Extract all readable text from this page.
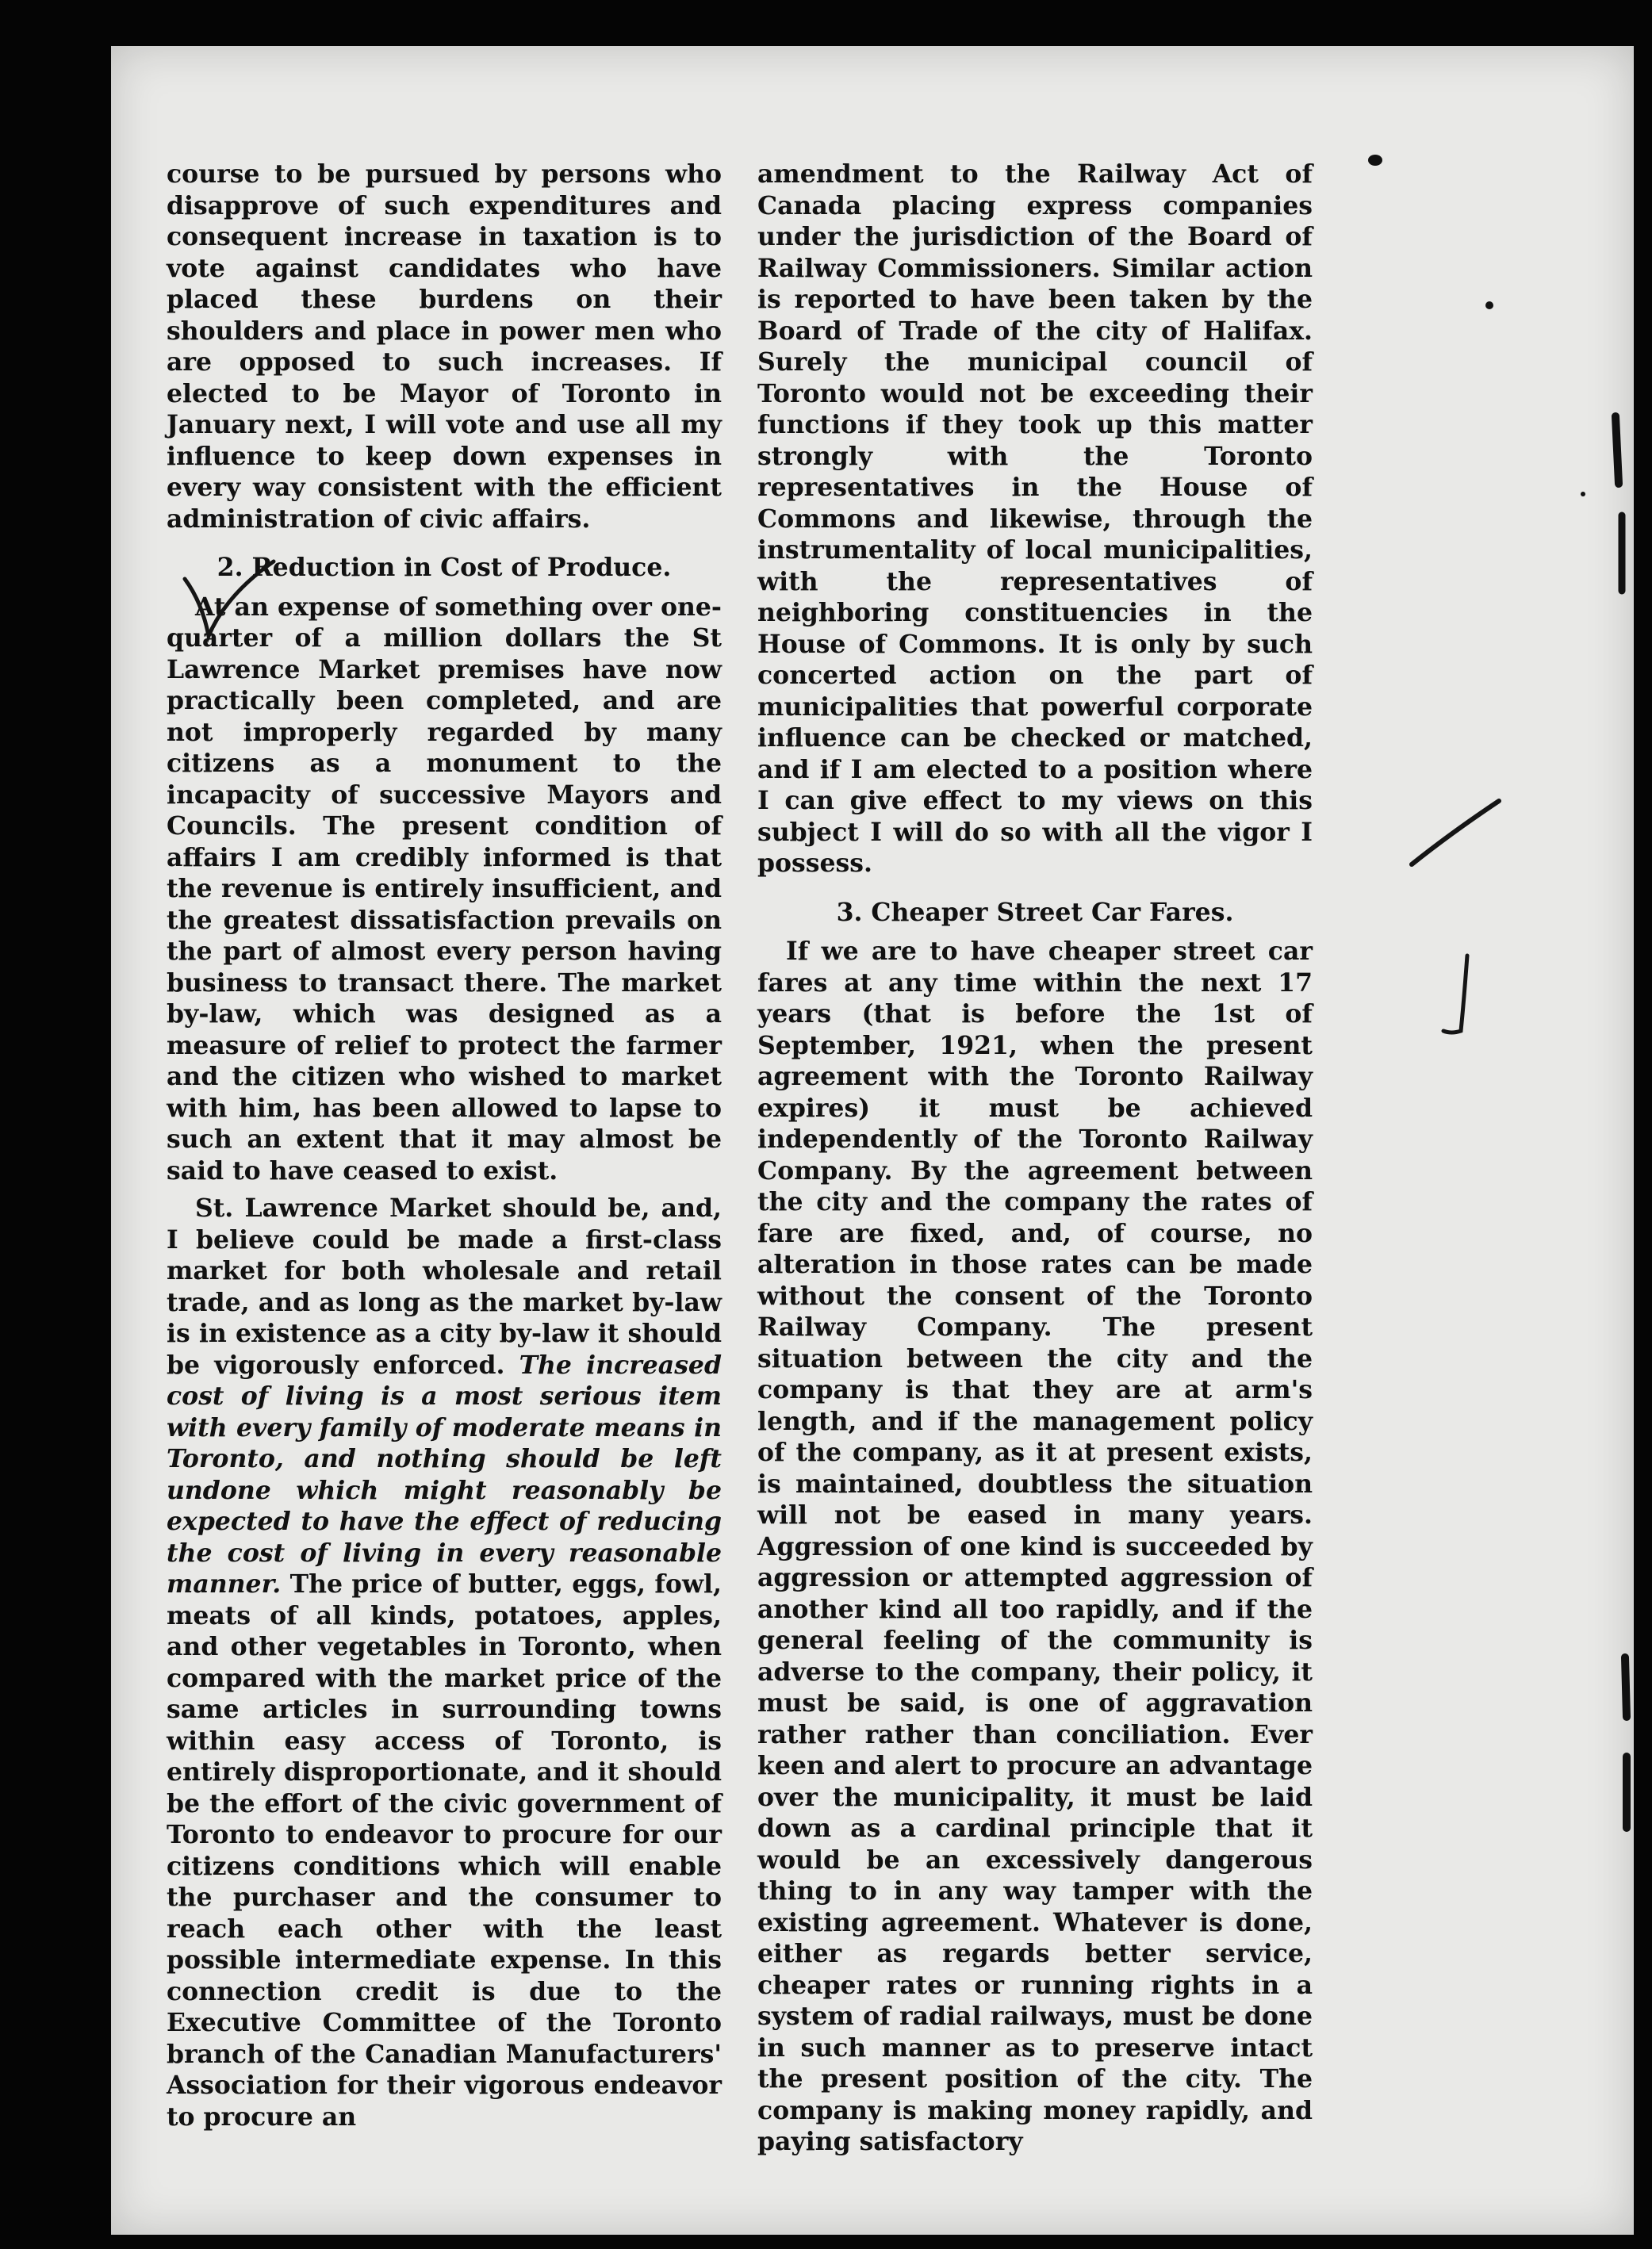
course to be pursued by persons who disapprove of such expenditures and consequent increase in taxation is to vote against candidates who have placed these burdens on their shoulders and place in power men who are opposed to such increases. If elected to be Mayor of Toronto in January next, I will vote and use all my influence to keep down expenses in every way consistent with the efficient administration of civic affairs.

2. Reduction in Cost of Produce.

At an expense of something over one-quarter of a million dollars the St Lawrence Market premises have now practically been completed, and are not improperly regarded by many citizens as a monument to the incapacity of successive Mayors and Councils. The present condition of affairs I am credibly informed is that the revenue is entirely insufficient, and the greatest dissatisfaction prevails on the part of almost every person having business to transact there. The market by-law, which was designed as a measure of relief to protect the farmer and the citizen who wished to market with him, has been allowed to lapse to such an extent that it may almost be said to have ceased to exist.

St. Lawrence Market should be, and, I believe could be made a first-class market for both wholesale and retail trade, and as long as the market by-law is in existence as a city by-law it should be vigorously enforced. The increased cost of living is a most serious item with every family of moderate means in Toronto, and nothing should be left undone which might reasonably be expected to have the effect of reducing the cost of living in every reasonable manner. The price of butter, eggs, fowl, meats of all kinds, potatoes, apples, and other vegetables in Toronto, when compared with the market price of the same articles in surrounding towns within easy access of Toronto, is entirely disproportionate, and it should be the effort of the civic government of Toronto to endeavor to procure for our citizens conditions which will enable the purchaser and the consumer to reach each other with the least possible intermediate expense. In this connection credit is due to the Executive Committee of the Toronto branch of the Canadian Manufacturers' Association for their vigorous endeavor to procure an

amendment to the Railway Act of Canada placing express companies under the jurisdiction of the Board of Railway Commissioners. Similar action is reported to have been taken by the Board of Trade of the city of Halifax. Surely the municipal council of Toronto would not be exceeding their functions if they took up this matter strongly with the Toronto representatives in the House of Commons and likewise, through the instrumentality of local municipalities, with the representatives of neighboring constituencies in the House of Commons. It is only by such concerted action on the part of municipalities that powerful corporate influence can be checked or matched, and if I am elected to a position where I can give effect to my views on this subject I will do so with all the vigor I possess.

3. Cheaper Street Car Fares.

If we are to have cheaper street car fares at any time within the next 17 years (that is before the 1st of September, 1921, when the present agreement with the Toronto Railway expires) it must be achieved independently of the Toronto Railway Company. By the agreement between the city and the company the rates of fare are fixed, and, of course, no alteration in those rates can be made without the consent of the Toronto Railway Company. The present situation between the city and the company is that they are at arm's length, and if the management policy of the company, as it at present exists, is maintained, doubtless the situation will not be eased in many years. Aggression of one kind is succeeded by aggression or attempted aggression of another kind all too rapidly, and if the general feeling of the community is adverse to the company, their policy, it must be said, is one of aggravation rather rather than conciliation. Ever keen and alert to procure an advantage over the municipality, it must be laid down as a cardinal principle that it would be an excessively dangerous thing to in any way tamper with the existing agreement. Whatever is done, either as regards better service, cheaper rates or running rights in a system of radial railways, must be done in such manner as to preserve intact the present position of the city. The company is making money rapidly, and paying satisfactory
